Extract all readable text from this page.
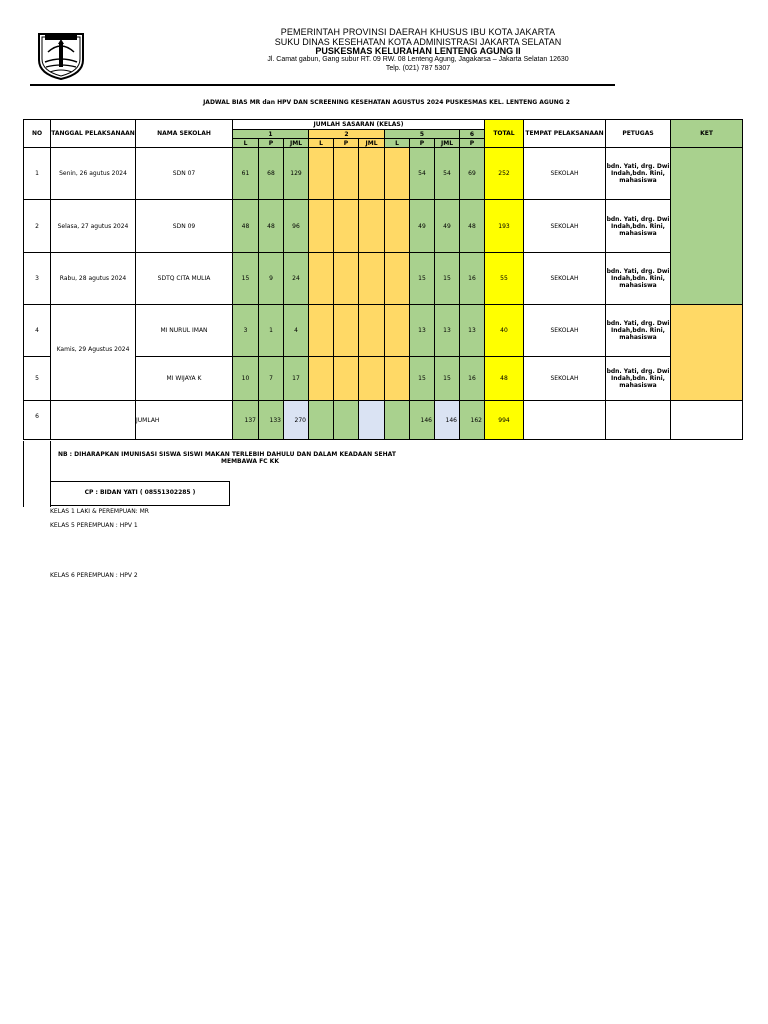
PEMERINTAH PROVINSI DAERAH KHUSUS IBU KOTA JAKARTA
SUKU DINAS KESEHATAN KOTA ADMINISTRASI JAKARTA SELATAN
PUSKESMAS KELURAHAN LENTENG AGUNG II
Jl. Camat gabun, Gang subur RT. 09 RW. 08 Lenteng Agung, Jagakarsa – Jakarta Selatan 12630
Telp. (021) 787 5307
JADWAL BIAS MR dan HPV DAN SCREENING KESEHATAN AGUSTUS 2024 PUSKESMAS KEL. LENTENG AGUNG 2
NO	TANGGAL PELAKSANAAN	NAMA SEKOLAH	JUMLAH SASARAN (KELAS)										TOTAL	TEMPAT PELAKSANAAN	PETUGAS	KET
			1			2			5			6				
			L	P	JML	L	P	JML	L	P	JML	P				
1	Senin, 26 agutus 2024	SDN 07	61	68	129					54	54	69	252	SEKOLAH	bdn. Yati, drg. Dwi Indah,bdn. Rini, mahasiswa	
2	Selasa, 27 agutus 2024	SDN 09	48	48	96					49	49	48	193	SEKOLAH	bdn. Yati, drg. Dwi Indah,bdn. Rini, mahasiswa	
3	Rabu, 28 agutus 2024	SDTQ CITA MULIA	15	9	24					15	15	16	55	SEKOLAH	bdn. Yati, drg. Dwi Indah,bdn. Rini, mahasiswa	
4	Kamis, 29 Agustus 2024	MI NURUL IMAN	3	1	4					13	13	13	40	SEKOLAH	bdn. Yati, drg. Dwi Indah,bdn. Rini, mahasiswa	
5		MI WIJAYA K	10	7	17					15	15	16	48	SEKOLAH	bdn. Yati, drg. Dwi Indah,bdn. Rini, mahasiswa	
6		JUMLAH	137	133	270					146	146	162	994			
NB : DIHARAPKAN IMUNISASI SISWA SISWI MAKAN TERLEBIH DAHULU DAN DALAM KEADAAN SEHAT
MEMBAWA FC KK
CP : BIDAN YATI ( 08551302285 )
KELAS 1 LAKI & PEREMPUAN: MR
KELAS 5 PEREMPUAN : HPV 1
KELAS 6 PEREMPUAN : HPV 2
